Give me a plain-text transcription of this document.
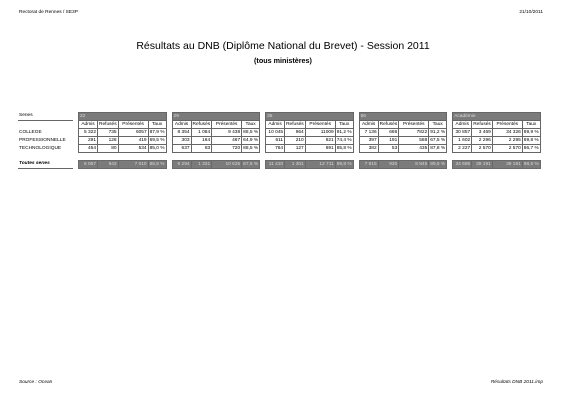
Rectorat de Rennes / SE3P	21/10/2011
Résultats au DNB (Diplôme National du Brevet) - Session 2011
(tous ministères)
Séries		22					29					35					56					Académie			
		Admis	Refusés	Présentés	Taux		Admis	Refusés	Présentés	Taux		Admis	Refusés	Présentés	Taux		Admis	Refusés	Présentés	Taux		Admis	Refusés	Présentés	Taux
COLLEGE		5 322	735	6057	87,9 %		8 354	1 084	9 438	88,5 %		10 045	964	11009	91,2 %		7 136	686	7822	91,2 %		30 857	3 469	34 326	89,9 %
PROFESSIONNELLE		291	128	419	69,5 %		303	164	467	64,9 %		611	210	821	74,4 %		397	191	588	67,5 %		1 602	2 296	2 295	69,8 %
TECHNOLOGIQUE		454	80	534	85,0 %		637	83	720	88,5 %		764	127	891	85,8 %		382	53	435	87,8 %		2 227	2 570	2 570	86,7 %

Toutes séries		6 067	943	7 010	86,5 %		9 294	1 331	10 625	87,5 %		11 410	1 301	12 711	89,8 %		7 915	930	8 845	89,5 %		34 686	39 191	39 191	88,5 %
Source : Ocean	Résultats DNB 2011.imp
